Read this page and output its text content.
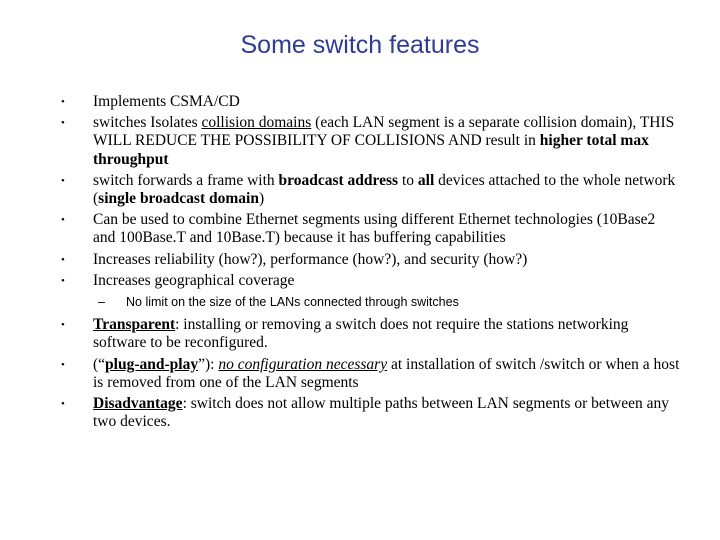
Some switch features
• Implements CSMA/CD
• switches Isolates collision domains (each LAN segment is a separate collision domain), THIS WILL REDUCE THE POSSIBILITY OF COLLISIONS AND result in higher total max throughput
• switch forwards a frame with broadcast address to all devices attached to the whole network (single broadcast domain)
• Can be used to combine Ethernet segments using different Ethernet technologies (10Base2 and 100Base.T and 10Base.T) because it has buffering capabilities
• Increases reliability (how?), performance (how?), and security (how?)
• Increases geographical coverage
– No limit on the size of the LANs connected through switches
• Transparent: installing or removing a switch does not require the stations networking software to be reconfigured.
• (“plug-and-play”): no configuration necessary at installation of switch /switch or when a host is removed from one of the LAN segments
• Disadvantage: switch does not allow multiple paths between LAN segments or between any two devices.
